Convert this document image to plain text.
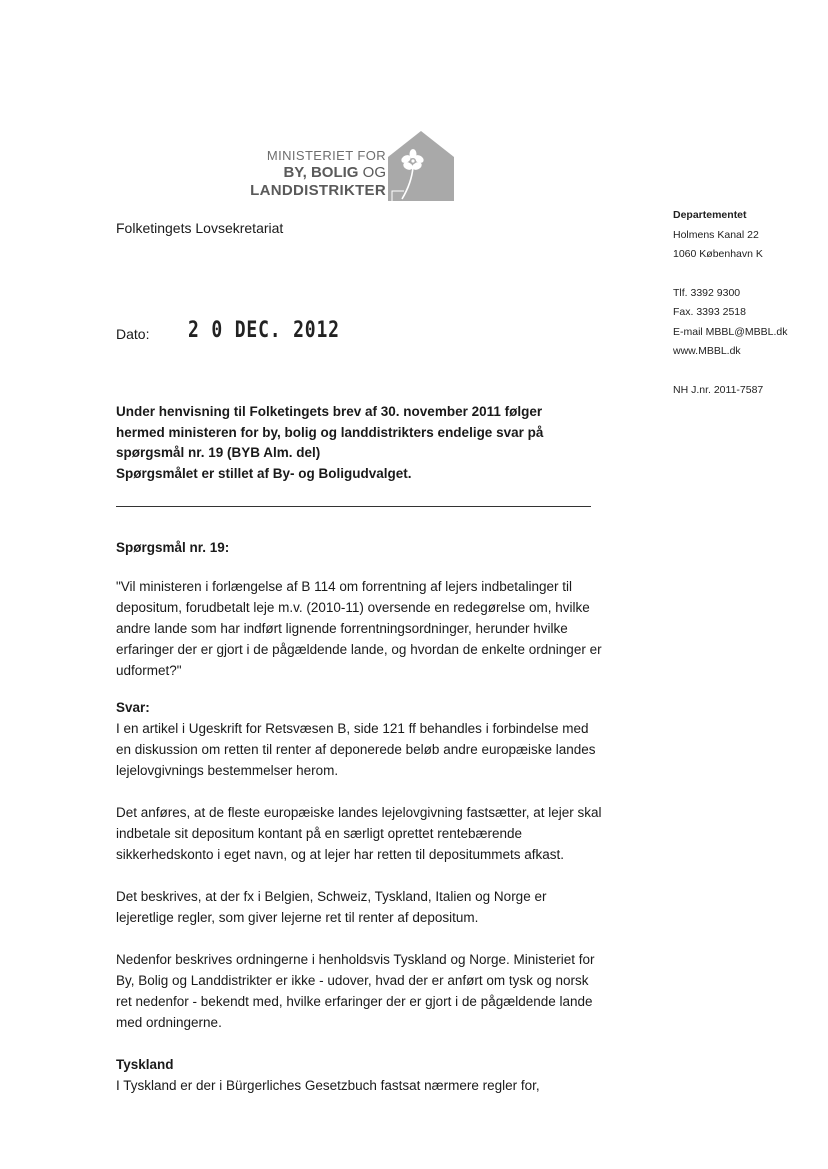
MINISTERIET FOR
BY, BOLIG OG
LANDDISTRIKTER
Folketingets Lovsekretariat
Dato: 2 0 DEC. 2012
Departementet
Holmens Kanal 22
1060 København K
Tlf. 3392 9300
Fax. 3393 2518
E-mail MBBL@MBBL.dk
www.MBBL.dk
NH J.nr. 2011-7587
Under henvisning til Folketingets brev af 30. november 2011 følger
hermed ministeren for by, bolig og landdistrikters endelige svar på
spørgsmål nr. 19 (BYB Alm. del)
Spørgsmålet er stillet af By- og Boligudvalget.

Spørgsmål nr. 19:

"Vil ministeren i forlængelse af B 114 om forrentning af lejers indbetalinger til depositum, forudbetalt leje m.v. (2010-11) oversende en redegørelse om, hvilke andre lande som har indført lignende forrentningsordninger, herunder hvilke erfaringer der er gjort i de pågældende lande, og hvordan de enkelte ordninger er udformet?"

Svar:

I en artikel i Ugeskrift for Retsvæsen B, side 121 ff behandles i forbindelse med en diskussion om retten til renter af deponerede beløb andre europæiske landes lejelovgivnings bestemmelser herom.

Det anføres, at de fleste europæiske landes lejelovgivning fastsætter, at lejer skal indbetale sit depositum kontant på en særligt oprettet rentebærende sikkerhedskonto i eget navn, og at lejer har retten til depositummets afkast.

Det beskrives, at der fx i Belgien, Schweiz, Tyskland, Italien og Norge er lejeretlige regler, som giver lejerne ret til renter af depositum.

Nedenfor beskrives ordningerne i henholdsvis Tyskland og Norge. Ministeriet for By, Bolig og Landdistrikter er ikke - udover, hvad der er anført om tysk og norsk ret nedenfor - bekendt med, hvilke erfaringer der er gjort i de pågældende lande med ordningerne.

Tyskland

I Tyskland er der i Bürgerliches Gesetzbuch fastsat nærmere regler for,
